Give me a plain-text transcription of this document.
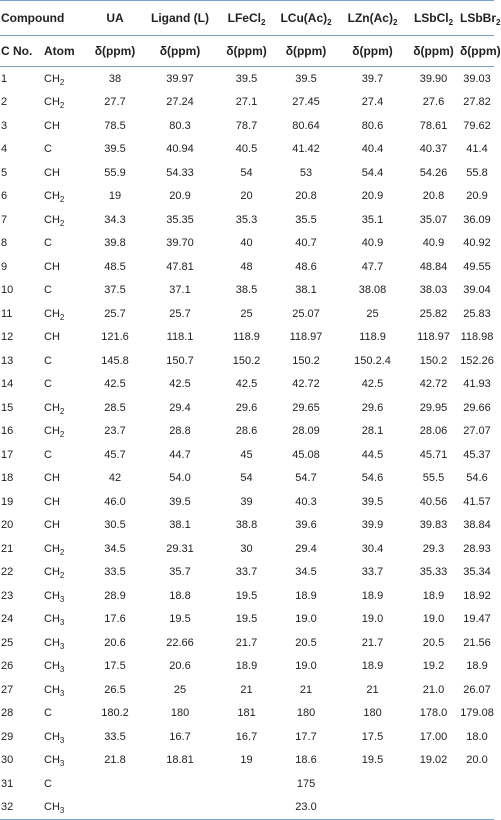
Compound		UA	Ligand (L)	LFeCl$_2$	$LCu(Ac)_2$	$LZn(Ac)_2$	LSbCl$_2$	LSbBr$_2$
C No.	Atom	δ(ppm)	δ(ppm)	δ(ppm)	δ(ppm)	δ(ppm)	δ(ppm)	δ(ppm)
1	$CH_2$	38	39.97	39.5	39.5	39.7	39.90	39.03
2	$CH_2$	27.7	27.24	27.1	27.45	27.4	27.6	27.82
3	CH	78.5	80.3	78.7	80.64	80.6	78.61	79.62
4	C	39.5	40.94	40.5	41.42	40.4	40.37	41.4
5	CH	55.9	54.33	54	53	54.4	54.26	55.8
6	$CH_2$	19	20.9	20	20.8	20.9	20.8	20.9
7	$CH_2$	34.3	35.35	35.3	35.5	35.1	35.07	36.09
8	C	39.8	39.70	40	40.7	40.9	40.9	40.92
9	CH	48.5	47.81	48	48.6	47.7	48.84	49.55
10	C	37.5	37.1	38.5	38.1	38.08	38.03	39.04
11	$CH_2$	25.7	25.7	25	25.07	25	25.82	25.83
12	CH	121.6	118.1	118.9	118.97	118.9	118.97	118.98
13	C	145.8	150.7	150.2	150.2	150.2.4	150.2	152.26
14	C	42.5	42.5	42.5	42.72	42.5	42.72	41.93
15	$CH_2$	28.5	29.4	29.6	29.65	29.6	29.95	29.66
16	$CH_2$	23.7	28.8	28.6	28.09	28.1	28.06	27.07
17	C	45.7	44.7	45	45.08	44.5	45.71	45.37
18	CH	42	54.0	54	54.7	54.6	55.5	54.6
19	CH	46.0	39.5	39	40.3	39.5	40.56	41.57
20	CH	30.5	38.1	38.8	39.6	39.9	39.83	38.84
21	$CH_2$	34.5	29.31	30	29.4	30.4	29.3	28.93
22	$CH_2$	33.5	35.7	33.7	34.5	33.7	35.33	35.34
23	$CH_3$	28.9	18.8	19.5	18.9	18.9	18.9	18.92
24	$CH_3$	17.6	19.5	19.5	19.0	19.0	19.0	19.47
25	$CH_3$	20.6	22.66	21.7	20.5	21.7	20.5	21.56
26	$CH_3$	17.5	20.6	18.9	19.0	18.9	19.2	18.9
27	$CH_3$	26.5	25	21	21	21	21.0	26.07
28	C	180.2	180	181	180	180	178.0	179.08
29	$CH_3$	33.5	16.7	16.7	17.7	17.5	17.00	18.0
30	$CH_3$	21.8	18.81	19	18.6	19.5	19.02	20.0
31	C				175			
32	$CH_3$				23.0			
